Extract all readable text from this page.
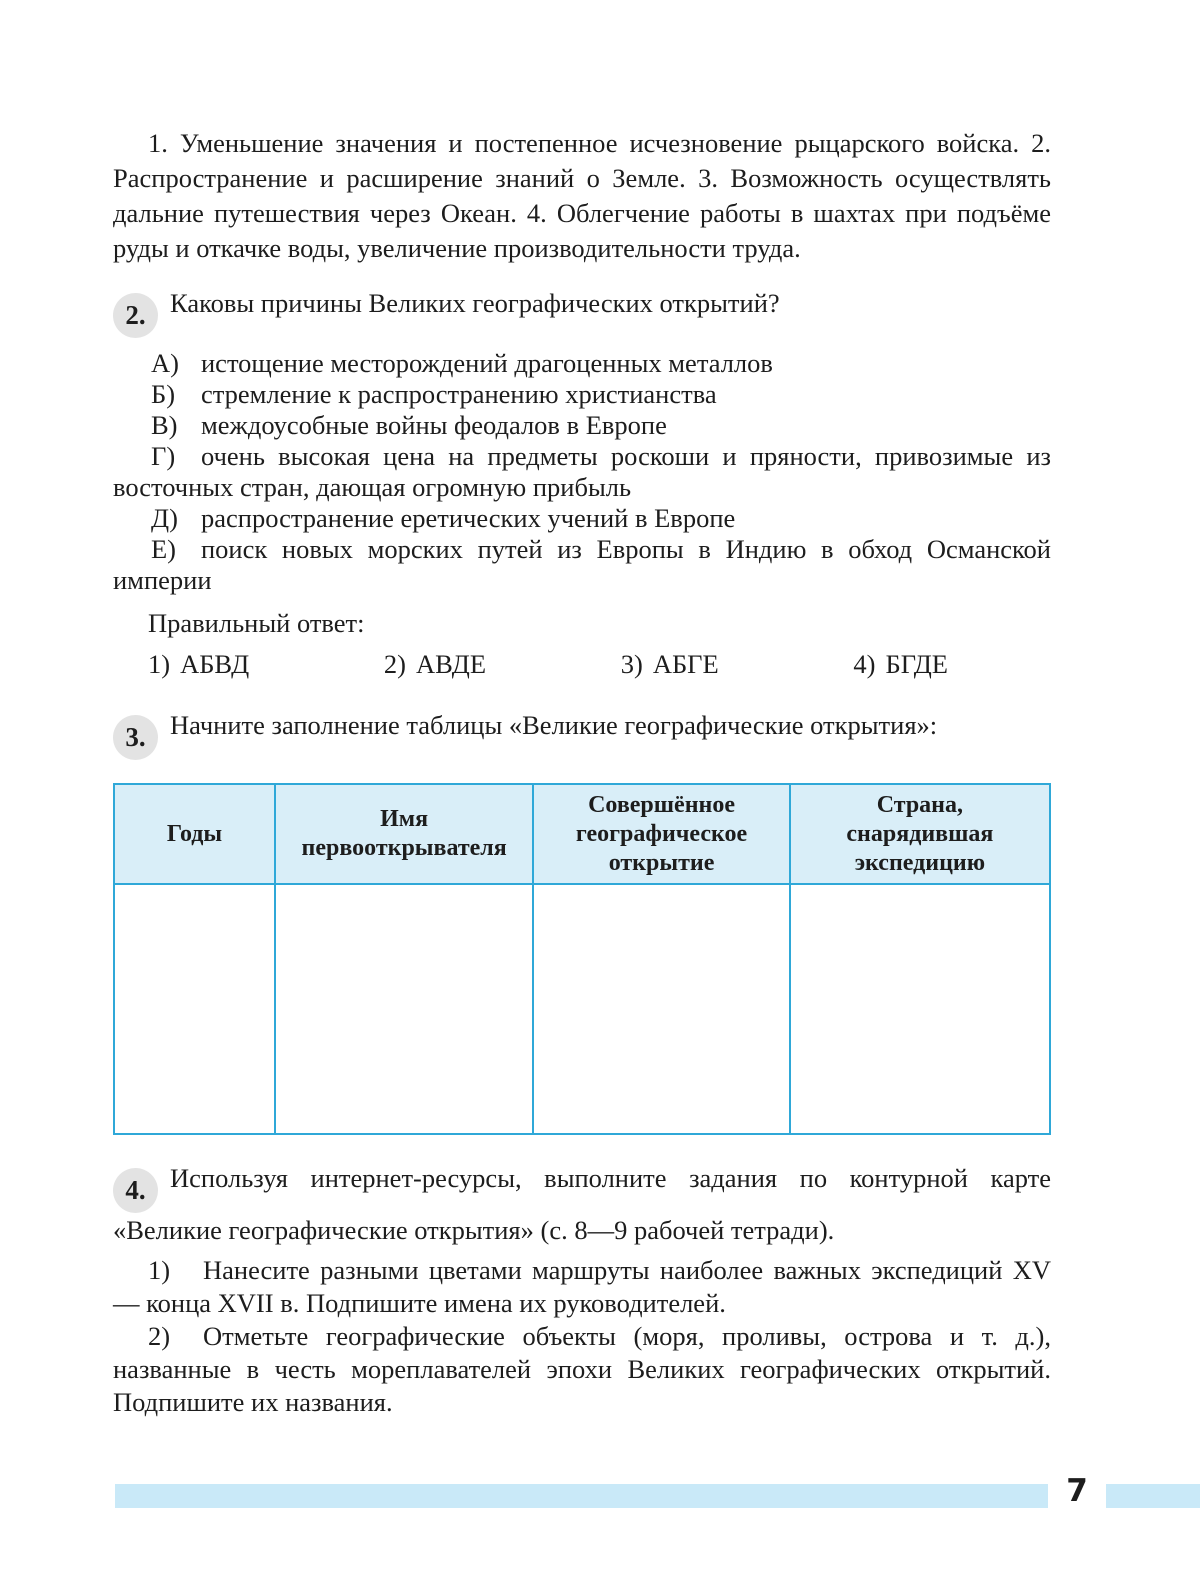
1. Уменьшение значения и постепенное исчезновение рыцарского войска. 2. Распространение и расширение знаний о Земле. 3. Возможность осуществлять дальние путешествия через Океан. 4. Облегчение работы в шахтах при подъёме руды и откачке воды, увеличение производительности труда.

2. Каковы причины Великих географических открытий?

А) истощение месторождений драгоценных металлов

Б) стремление к распространению христианства

В) междоусобные войны феодалов в Европе

Г) очень высокая цена на предметы роскоши и пряности, привозимые из восточных стран, дающая огромную прибыль

Д) распространение еретических учений в Европе

Е) поиск новых морских путей из Европы в Индию в обход Османской империи

Правильный ответ:

1) АБВД	2) АВДЕ	3) АБГЕ	4) БГДЕ

3. Начните заполнение таблицы «Великие географические открытия»:

Годы	Имя первооткрывателя	Совершённое географическое открытие	Страна, снарядившая экспедицию

4. Используя интернет-ресурсы, выполните задания по контурной карте «Великие географические открытия» (с. 8—9 рабочей тетради).

1) Нанесите разными цветами маршруты наиболее важных экспедиций XV — конца XVII в. Подпишите имена их руководителей.

2) Отметьте географические объекты (моря, проливы, острова и т. д.), названные в честь мореплавателей эпохи Великих географических открытий. Подпишите их названия.

7
